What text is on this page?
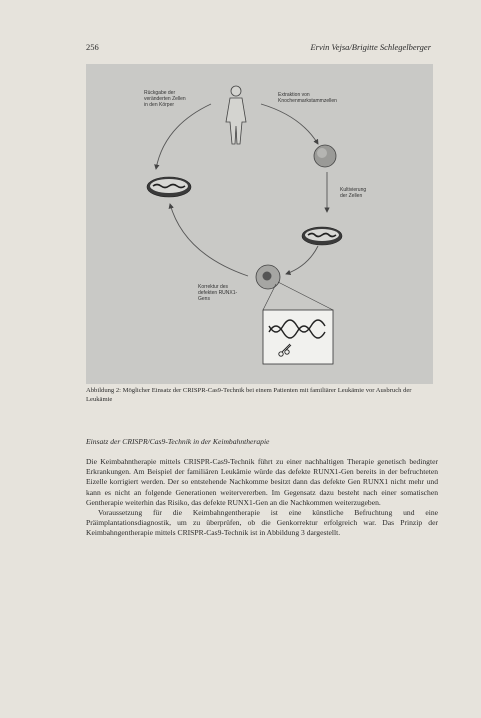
256	Ervin Vejsa/Brigitte Schlegelberger
Rückgabe der
veränderten Zellen
in den Körper
Extraktion von
Knochenmarkstammzellen
Kultivierung
der Zellen
Korrektur des
defekten RUNX1-
Gens
Abbildung 2: Möglicher Einsatz der CRISPR-Cas9-Technik bei einem Patienten mit familiärer Leukämie vor Ausbruch der Leukämie
Einsatz der CRISPR/Cas9-Technik in der Keimbahntherapie

Die Keimbahntherapie mittels CRISPR-Cas9-Technik führt zu einer nachhaltigen Therapie genetisch bedingter Erkrankungen. Am Beispiel der familiären Leukämie würde das defekte RUNX1-Gen bereits in der befruchteten Eizelle korrigiert werden. Der so entstehende Nachkomme besitzt dann das defekte Gen RUNX1 nicht mehr und kann es nicht an folgende Generationen weitervererben. Im Gegensatz dazu besteht nach einer somatischen Gentherapie weiterhin das Risiko, das defekte RUNX1-Gen an die Nachkommen weiterzugeben.

Voraussetzung für die Keimbahngentherapie ist eine künstliche Befruchtung und eine Präimplantationsdiagnostik, um zu überprüfen, ob die Genkorrektur erfolgreich war. Das Prinzip der Keimbahngentherapie mittels CRISPR-Cas9-Technik ist in Abbildung 3 dargestellt.
